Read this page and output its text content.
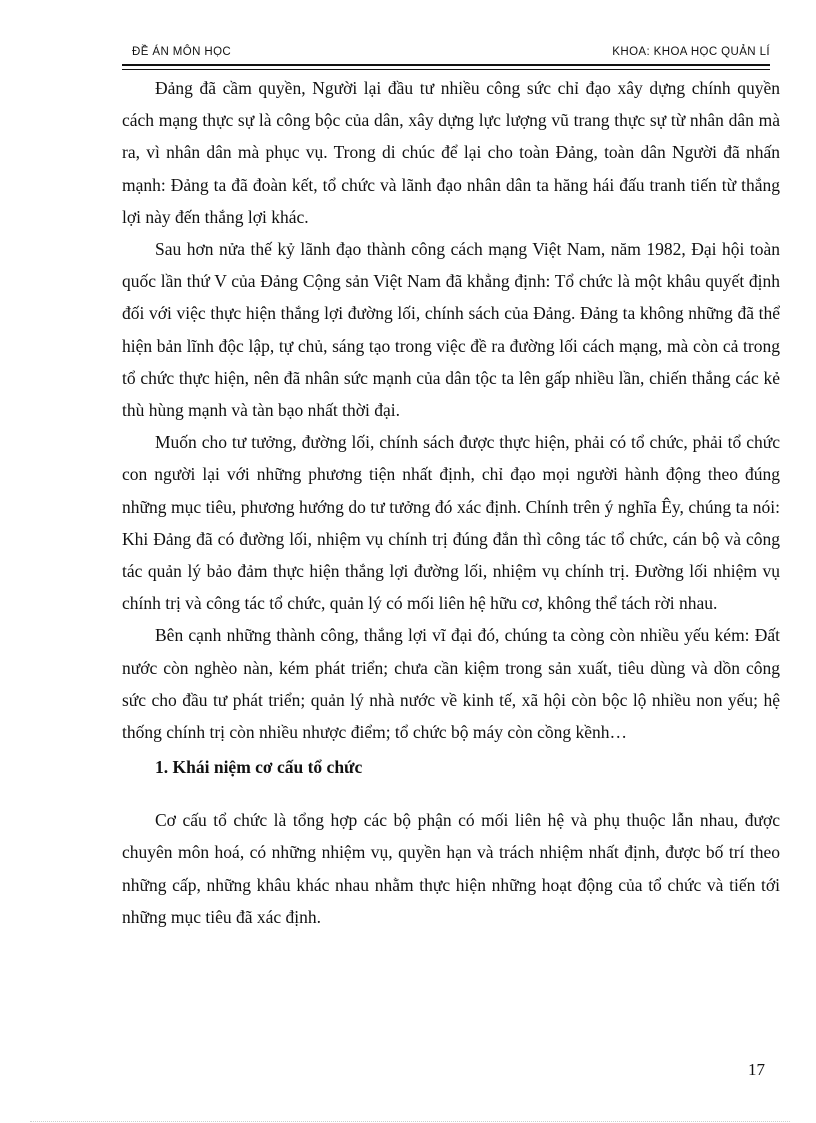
ĐỀ ÁN MÔN HỌC	KHOA: KHOA HỌC QUẢN LÍ

Đảng đã cầm quyền, Người lại đầu tư nhiều công sức chỉ đạo xây dựng chính quyền cách mạng thực sự là công bộc của dân, xây dựng lực lượng vũ trang thực sự từ nhân dân mà ra, vì nhân dân mà phục vụ. Trong di chúc để lại cho toàn Đảng, toàn dân Người đã nhấn mạnh: Đảng ta đã đoàn kết, tổ chức và lãnh đạo nhân dân ta hăng hái đấu tranh tiến từ thắng lợi này đến thắng lợi khác.

Sau hơn nửa thế kỷ lãnh đạo thành công cách mạng Việt Nam, năm 1982, Đại hội toàn quốc lần thứ V của Đảng Cộng sản Việt Nam đã khẳng định: Tổ chức là một khâu quyết định đối với việc thực hiện thắng lợi đường lối, chính sách của Đảng. Đảng ta không những đã thể hiện bản lĩnh độc lập, tự chủ, sáng tạo trong việc đề ra đường lối cách mạng, mà còn cả trong tổ chức thực hiện, nên đã nhân sức mạnh của dân tộc ta lên gấp nhiều lần, chiến thắng các kẻ thù hùng mạnh và tàn bạo nhất thời đại.

Muốn cho tư tưởng, đường lối, chính sách được thực hiện, phải có tổ chức, phải tổ chức con người lại với những phương tiện nhất định, chỉ đạo mọi người hành động theo đúng những mục tiêu, phương hướng do tư tưởng đó xác định. Chính trên ý nghĩa Êy, chúng ta nói: Khi Đảng đã có đường lối, nhiệm vụ chính trị đúng đắn thì công tác tổ chức, cán bộ và công tác quản lý bảo đảm thực hiện thắng lợi đường lối, nhiệm vụ chính trị. Đường lối nhiệm vụ chính trị và công tác tổ chức, quản lý có mối liên hệ hữu cơ, không thể tách rời nhau.

Bên cạnh những thành công, thắng lợi vĩ đại đó, chúng ta còng còn nhiều yếu kém: Đất nước còn nghèo nàn, kém phát triển; chưa cần kiệm trong sản xuất, tiêu dùng và dồn công sức cho đầu tư phát triển; quản lý nhà nước về kinh tế, xã hội còn bộc lộ nhiều non yếu; hệ thống chính trị còn nhiều nhược điểm; tổ chức bộ máy còn cồng kềnh…

1. Khái niệm cơ cấu tổ chức

Cơ cấu tổ chức là tổng hợp các bộ phận có mối liên hệ và phụ thuộc lẫn nhau, được chuyên môn hoá, có những nhiệm vụ, quyền hạn và trách nhiệm nhất định, được bố trí theo những cấp, những khâu khác nhau nhằm thực hiện những hoạt động của tổ chức và tiến tới những mục tiêu đã xác định.

17
